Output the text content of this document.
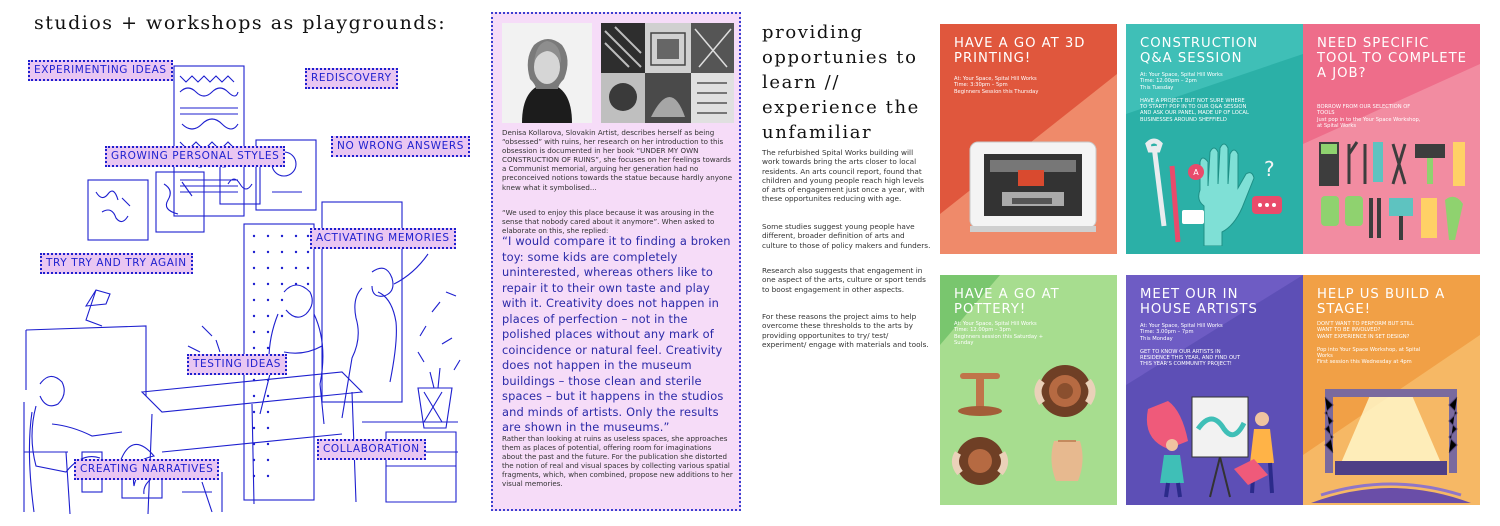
studios + workshops as playgrounds:
EXPERIMENTING IDEAS
REDISCOVERY
NO WRONG ANSWERS
GROWING PERSONAL STYLES
ACTIVATING MEMORIES
TRY TRY AND TRY AGAIN
TESTING IDEAS
COLLABORATION
CREATING NARRATIVES
Denisa Kollarova, Slovakin Artist, describes herself as being “obsessed” with ruins, her research on her introduction to this obsession is documented in her book “UNDER MY OWN CONSTRUCTION OF RUINS”, she focuses on her feelings towards a Communist memorial, arguing her generation had no preconceived notions towards the statue because hardly anyone knew what it symbolised...
“We used to enjoy this place because it was arousing in the sense that nobody cared about it anymore”. When asked to elaborate on this, she replied:
“I would compare it to finding a broken toy: some kids are completely uninterested, whereas others like to repair it to their own taste and play with it. Creativity does not happen in places of perfection – not in the polished places without any mark of coincidence or natural feel. Creativity does not happen in the museum buildings – those clean and sterile spaces – but it happens in the studios and minds of artists. Only the results are shown in the museums.”
Rather than looking at ruins as useless spaces, she approaches them as places of potential, offering room for imaginations about the past and the future. For the publication she distorted the notion of real and visual spaces by collecting various spatial fragments, which, when combined, propose new additions to her visual memories.
providing
opportunies to
learn //
experience the
unfamiliar
The refurbished Spital Works building will work towards bring the arts closer to local residents. An arts council report, found that children and young people reach high levels of arts of engagement just once a year, with these opportunites reducing with age.
Some studies suggest young people have different, broader definition of arts and culture to those of policy makers and funders.
Research also suggests that engagement in one aspect of the arts, culture or sport tends to boost engagement in other aspects.
For these reasons the project aims to help overcome these thresholds to the arts by providing opportunites to try/ test/ experiment/ engage with materials and tools.
HAVE A GO AT 3D PRINTING!
At: Your Space, Spital Hill Works
Time: 3:30pm – 5pm
Beginners Session this Thursday
CONSTRUCTION Q&A SESSION
At: Your Space, Spital Hill Works
Time: 12.00pm – 2pm
This Tuesday

HAVE A PROJECT BUT NOT SURE WHERE TO START? POP IN TO OUR Q&A SESSION AND ASK OUR PANEL, MADE UP OF LOCAL BUSINESSES AROUND SHEFFIELD
A	?
NEED SPECIFIC TOOL TO COMPLETE A JOB?
BORROW FROM OUR SELECTION OF TOOLS
Just pop in to the Your Space Workshop, at Spital Works
HAVE A GO AT POTTERY!
At: Your Space, Spital Hill Works
Time: 12.00pm – 3pm
Beginners session this Saturday + Sunday
MEET OUR IN HOUSE ARTISTS
At: Your Space, Spital Hill Works
Time: 3.00pm – 7pm
This Monday

GET TO KNOW OUR ARTISTS IN RESIDENCE THIS YEAR, AND FIND OUT THIS YEAR'S COMMUNITY PROJECT!
HELP US BUILD A STAGE!
DON'T WANT TO PERFORM BUT STILL WANT TO BE INVOLVED?
WANT EXPERIENCE IN SET DESIGN?

Pop into Your Space Workshop, at Spital Works
First session this Wednesday at 4pm
